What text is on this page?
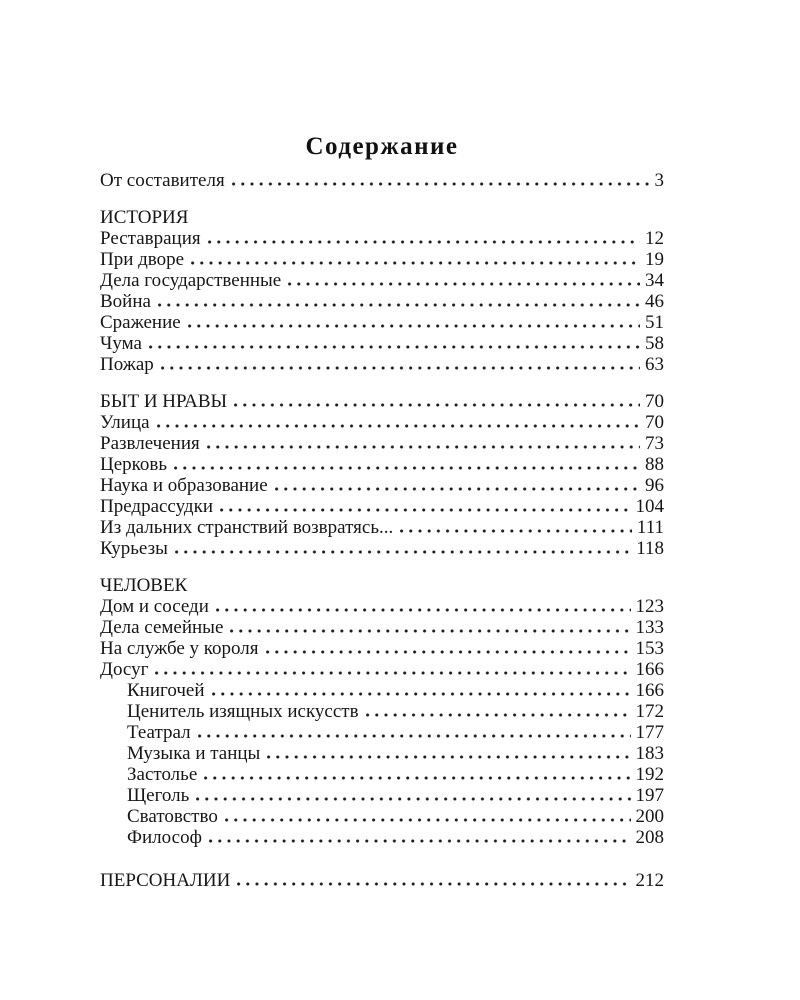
Содержание
От составителя	3
ИСТОРИЯ
Реставрация	12
При дворе	19
Дела государственные	34
Война	46
Сражение	51
Чума	58
Пожар	63
БЫТ И НРАВЫ	70
Улица	70
Развлечения	73
Церковь	88
Наука и образование	96
Предрассудки	104
Из дальних странствий возвратясь...	111
Курьезы	118
ЧЕЛОВЕК
Дом и соседи	123
Дела семейные	133
На службе у короля	153
Досуг	166
Книгочей	166
Ценитель изящных искусств	172
Театрал	177
Музыка и танцы	183
Застолье	192
Щеголь	197
Сватовство	200
Философ	208
ПЕРСОНАЛИИ	212
